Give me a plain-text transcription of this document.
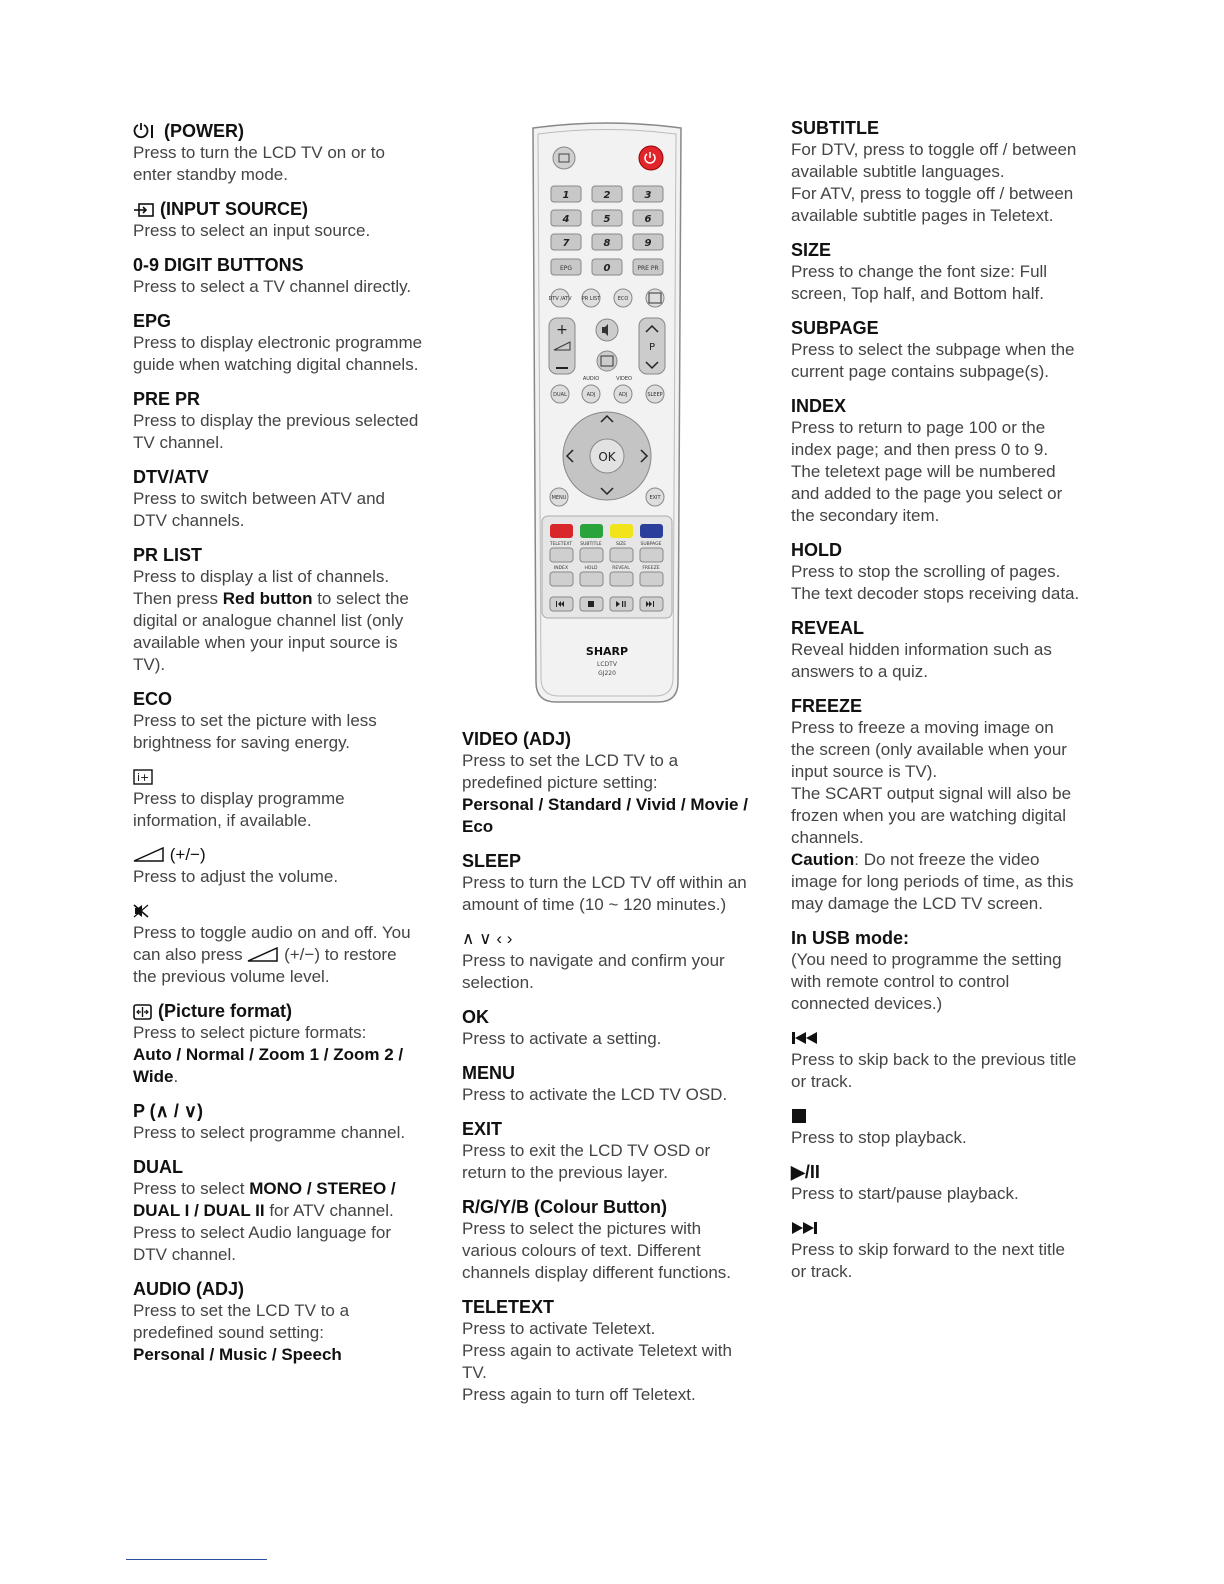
(POWER)
Press to turn the LCD TV on or to enter standby mode.
(INPUT SOURCE)
Press to select an input source.
0-9 DIGIT BUTTONS
Press to select a TV channel directly.
EPG
Press to display electronic programme guide when watching digital channels.
PRE PR
Press to display the previous selected TV channel.
DTV/ATV
Press to switch between ATV and DTV channels.
PR LIST
Press to display a list of channels. Then press Red button to select the digital or analogue channel list (only available when your input source is TV).
ECO
Press to set the picture with less brightness for saving energy.
i+
Press to display programme information, if available.
(+/−)
Press to adjust the volume.
Press to toggle audio on and off. You can also press  (+/−) to restore the previous volume level.
(Picture format)
Press to select picture formats:
Auto / Normal / Zoom 1 / Zoom 2 / Wide.
P (∧ / ∨)
Press to select programme channel.
DUAL
Press to select MONO / STEREO / DUAL I / DUAL II for ATV channel. Press to select Audio language for DTV channel.
AUDIO (ADJ)
Press to set the LCD TV to a predefined sound setting:
Personal / Music / Speech
1	2	3
4	5	6
7	8	9
0
EPG	PRE PR
DTV /ATV PR LIST	ECO
+
P
AUDIO	VIDEO
DUAL	ADJ	ADJ	SLEEP
OK
MENU	EXIT
TELETEXT SUBTITLE	SIZE	SUBPAGE
INDEX	HOLD	REVEAL	FREEZE
SHARP
LCDTV
GJ220
VIDEO (ADJ)
Press to set the LCD TV to a predefined picture setting:
Personal / Standard / Vivid / Movie / Eco
SLEEP
Press to turn the LCD TV off within an amount of time (10 ~ 120 minutes.)
∧ ∨ ‹ ›
Press to navigate and confirm your selection.
OK
Press to activate a setting.
MENU
Press to activate the LCD TV OSD.
EXIT
Press to exit the LCD TV OSD or return to the previous layer.
R/G/Y/B (Colour Button)
Press to select the pictures with various colours of text. Different channels display different functions.
TELETEXT
Press to activate Teletext.
Press again to activate Teletext with TV.
Press again to turn off Teletext.
SUBTITLE
For DTV, press to toggle off / between available subtitle languages.
For ATV, press to toggle off / between available subtitle pages in Teletext.
SIZE
Press to change the font size: Full screen, Top half, and Bottom half.
SUBPAGE
Press to select the subpage when the current page contains subpage(s).
INDEX
Press to return to page 100 or the index page; and then press 0 to 9. The teletext page will be numbered and added to the page you select or the secondary item.
HOLD
Press to stop the scrolling of pages.
The text decoder stops receiving data.
REVEAL
Reveal hidden information such as answers to a quiz.
FREEZE
Press to freeze a moving image on the screen (only available when your input source is TV).
The SCART output signal will also be frozen when you are watching digital channels.
Caution: Do not freeze the video image for long periods of time, as this may damage the LCD TV screen.
In USB mode:
(You need to programme the setting with remote control to control connected devices.)
Press to skip back to the previous title or track.
Press to stop playback.
▶/II
Press to start/pause playback.
Press to skip forward to the next title or track.
